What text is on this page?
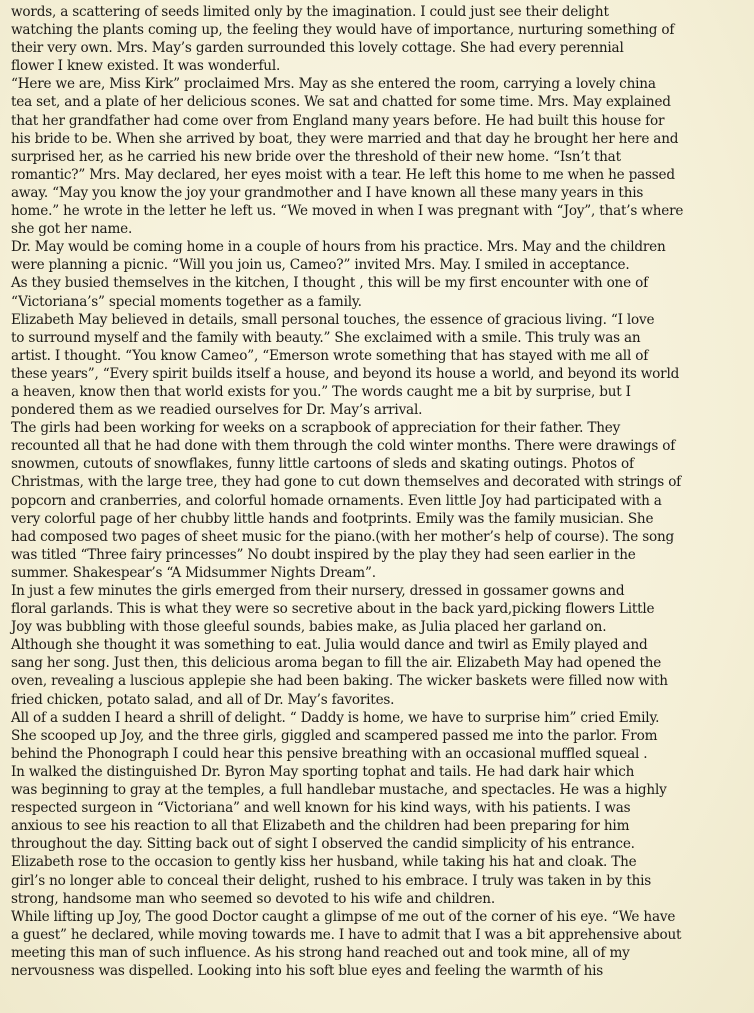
words, a scattering of seeds limited only by the imagination. I could just see their delight
watching the plants coming up, the feeling they would have of importance, nurturing something of
their very own. Mrs. May’s garden surrounded this lovely cottage. She had every perennial
flower I knew existed. It was wonderful.
“Here we are, Miss Kirk” proclaimed Mrs. May as she entered the room, carrying a lovely china
tea set, and a plate of her delicious scones. We sat and chatted for some time. Mrs. May explained
that her grandfather had come over from England many years before. He had built this house for
his bride to be. When she arrived by boat, they were married and that day he brought her here and
surprised her, as he carried his new bride over the threshold of their new home. “Isn’t that
romantic?” Mrs. May declared, her eyes moist with a tear. He left this home to me when he passed
away. “May you know the joy your grandmother and I have known all these many years in this
home.” he wrote in the letter he left us. “We moved in when I was pregnant with “Joy”, that’s where
she got her name.
Dr. May would be coming home in a couple of hours from his practice. Mrs. May and the children
were planning a picnic. “Will you join us, Cameo?” invited Mrs. May. I smiled in acceptance.
As they busied themselves in the kitchen, I thought , this will be my first encounter with one of
“Victoriana’s” special moments together as a family.
Elizabeth May believed in details, small personal touches, the essence of gracious living. “I love
to surround myself and the family with beauty.” She exclaimed with a smile. This truly was an
artist. I thought. “You know Cameo”, “Emerson wrote something that has stayed with me all of
these years”, “Every spirit builds itself a house, and beyond its house a world, and beyond its world
a heaven, know then that world exists for you.” The words caught me a bit by surprise, but I
pondered them as we readied ourselves for Dr. May’s arrival.
The girls had been working for weeks on a scrapbook of appreciation for their father. They
recounted all that he had done with them through the cold winter months. There were drawings of
snowmen, cutouts of snowflakes, funny little cartoons of sleds and skating outings. Photos of
Christmas, with the large tree, they had gone to cut down themselves and decorated with strings of
popcorn and cranberries, and colorful homade ornaments. Even little Joy had participated with a
very colorful page of her chubby little hands and footprints. Emily was the family musician. She
had composed two pages of sheet music for the piano.(with her mother’s help of course). The song
was titled “Three fairy princesses” No doubt inspired by the play they had seen earlier in the
summer. Shakespear’s “A Midsummer Nights Dream”.
In just a few minutes the girls emerged from their nursery, dressed in gossamer gowns and
floral garlands. This is what they were so secretive about in the back yard,picking flowers Little
Joy was bubbling with those gleeful sounds, babies make, as Julia placed her garland on.
Although she thought it was something to eat. Julia would dance and twirl as Emily played and
sang her song. Just then, this delicious aroma began to fill the air. Elizabeth May had opened the
oven, revealing a luscious applepie she had been baking. The wicker baskets were filled now with
fried chicken, potato salad, and all of Dr. May’s favorites.
All of a sudden I heard a shrill of delight. “ Daddy is home, we have to surprise him” cried Emily.
She scooped up Joy, and the three girls, giggled and scampered passed me into the parlor. From
behind the Phonograph I could hear this pensive breathing with an occasional muffled squeal .
In walked the distinguished Dr. Byron May sporting tophat and tails. He had dark hair which
was beginning to gray at the temples, a full handlebar mustache, and spectacles. He was a highly
respected surgeon in “Victoriana” and well known for his kind ways, with his patients. I was
anxious to see his reaction to all that Elizabeth and the children had been preparing for him
throughout the day. Sitting back out of sight I observed the candid simplicity of his entrance.
Elizabeth rose to the occasion to gently kiss her husband, while taking his hat and cloak. The
girl’s no longer able to conceal their delight, rushed to his embrace. I truly was taken in by this
strong, handsome man who seemed so devoted to his wife and children.
While lifting up Joy, The good Doctor caught a glimpse of me out of the corner of his eye. “We have
a guest” he declared, while moving towards me. I have to admit that I was a bit apprehensive about
meeting this man of such influence. As his strong hand reached out and took mine, all of my
nervousness was dispelled. Looking into his soft blue eyes and feeling the warmth of his
